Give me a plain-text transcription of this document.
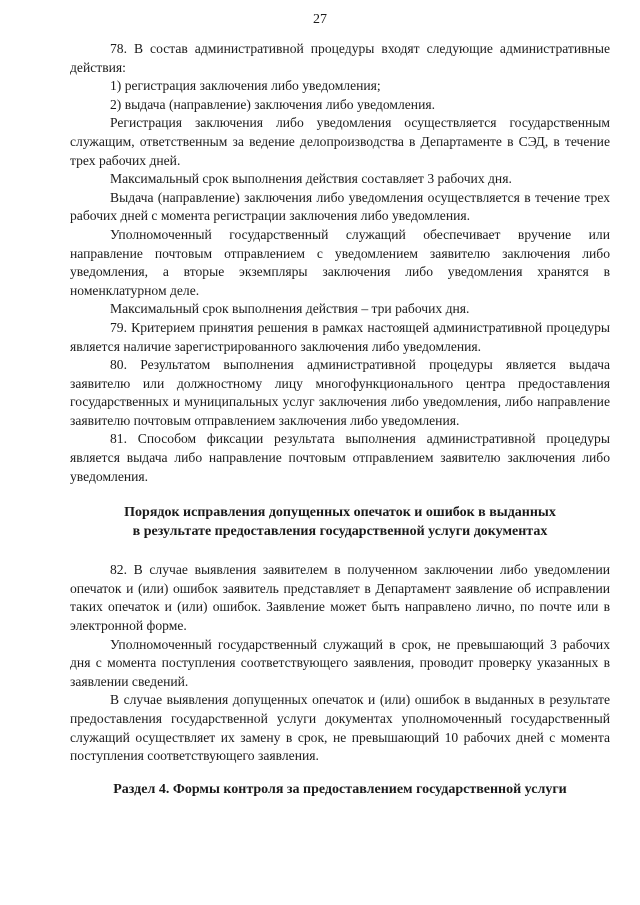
27

78. В состав административной процедуры входят следующие административные действия:

1) регистрация заключения либо уведомления;

2) выдача (направление) заключения либо уведомления.

Регистрация заключения либо уведомления осуществляется государственным служащим, ответственным за ведение делопроизводства в Департаменте в СЭД, в течение трех рабочих дней.

Максимальный срок выполнения действия составляет 3 рабочих дня.

Выдача (направление) заключения либо уведомления осуществляется в течение трех рабочих дней с момента регистрации заключения либо уведомления.

Уполномоченный государственный служащий обеспечивает вручение или направление почтовым отправлением с уведомлением заявителю заключения либо уведомления, а вторые экземпляры заключения либо уведомления хранятся в номенклатурном деле.

Максимальный срок выполнения действия – три рабочих дня.

79. Критерием принятия решения в рамках настоящей административной процедуры является наличие зарегистрированного заключения либо уведомления.

80. Результатом выполнения административной процедуры является выдача заявителю или должностному лицу многофункционального центра предоставления государственных и муниципальных услуг заключения либо уведомления, либо направление заявителю почтовым отправлением заключения либо уведомления.

81. Способом фиксации результата выполнения административной процедуры является выдача либо направление почтовым отправлением заявителю заключения либо уведомления.

Порядок исправления допущенных опечаток и ошибок в выданных
в результате предоставления государственной услуги документах

82. В случае выявления заявителем в полученном заключении либо уведомлении опечаток и (или) ошибок заявитель представляет в Департамент заявление об исправлении таких опечаток и (или) ошибок. Заявление может быть направлено лично, по почте или в электронной форме.

Уполномоченный государственный служащий в срок, не превышающий 3 рабочих дня с момента поступления соответствующего заявления, проводит проверку указанных в заявлении сведений.

В случае выявления допущенных опечаток и (или) ошибок в выданных в результате предоставления государственной услуги документах уполномоченный государственный служащий осуществляет их замену в срок, не превышающий 10 рабочих дней с момента поступления соответствующего заявления.

Раздел 4. Формы контроля за предоставлением государственной услуги
